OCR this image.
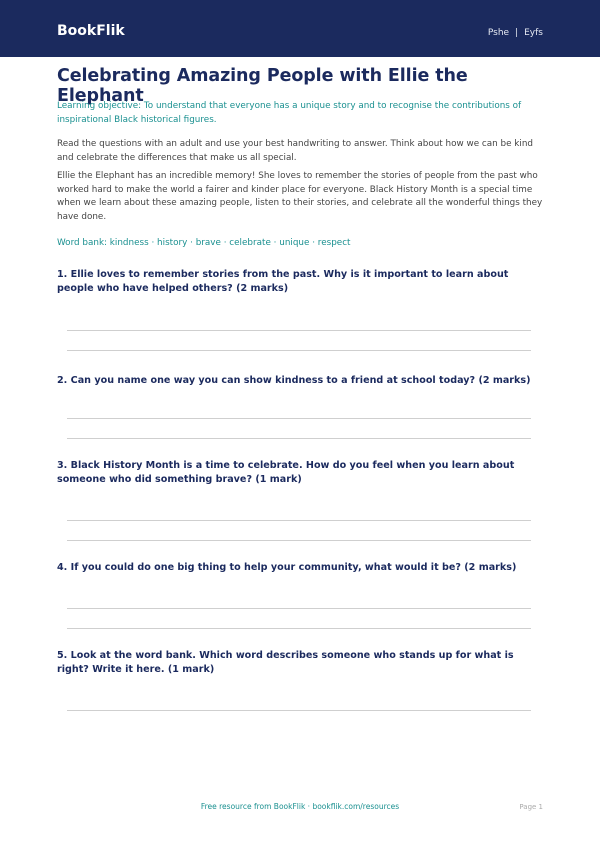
BookFlik	Pshe | Eyfs
Celebrating Amazing People with Ellie the Elephant

Learning objective: To understand that everyone has a unique story and to recognise the contributions of inspirational Black historical figures.

Read the questions with an adult and use your best handwriting to answer. Think about how we can be kind and celebrate the differences that make us all special.

Ellie the Elephant has an incredible memory! She loves to remember the stories of people from the past who worked hard to make the world a fairer and kinder place for everyone. Black History Month is a special time when we learn about these amazing people, listen to their stories, and celebrate all the wonderful things they have done.

Word bank: kindness · history · brave · celebrate · unique · respect

1. Ellie loves to remember stories from the past. Why is it important to learn about people who have helped others? (2 marks)

2. Can you name one way you can show kindness to a friend at school today? (2 marks)

3. Black History Month is a time to celebrate. How do you feel when you learn about someone who did something brave? (1 mark)

4. If you could do one big thing to help your community, what would it be? (2 marks)

5. Look at the word bank. Which word describes someone who stands up for what is right? Write it here. (1 mark)

Free resource from BookFlik · bookflik.com/resources	Page 1
